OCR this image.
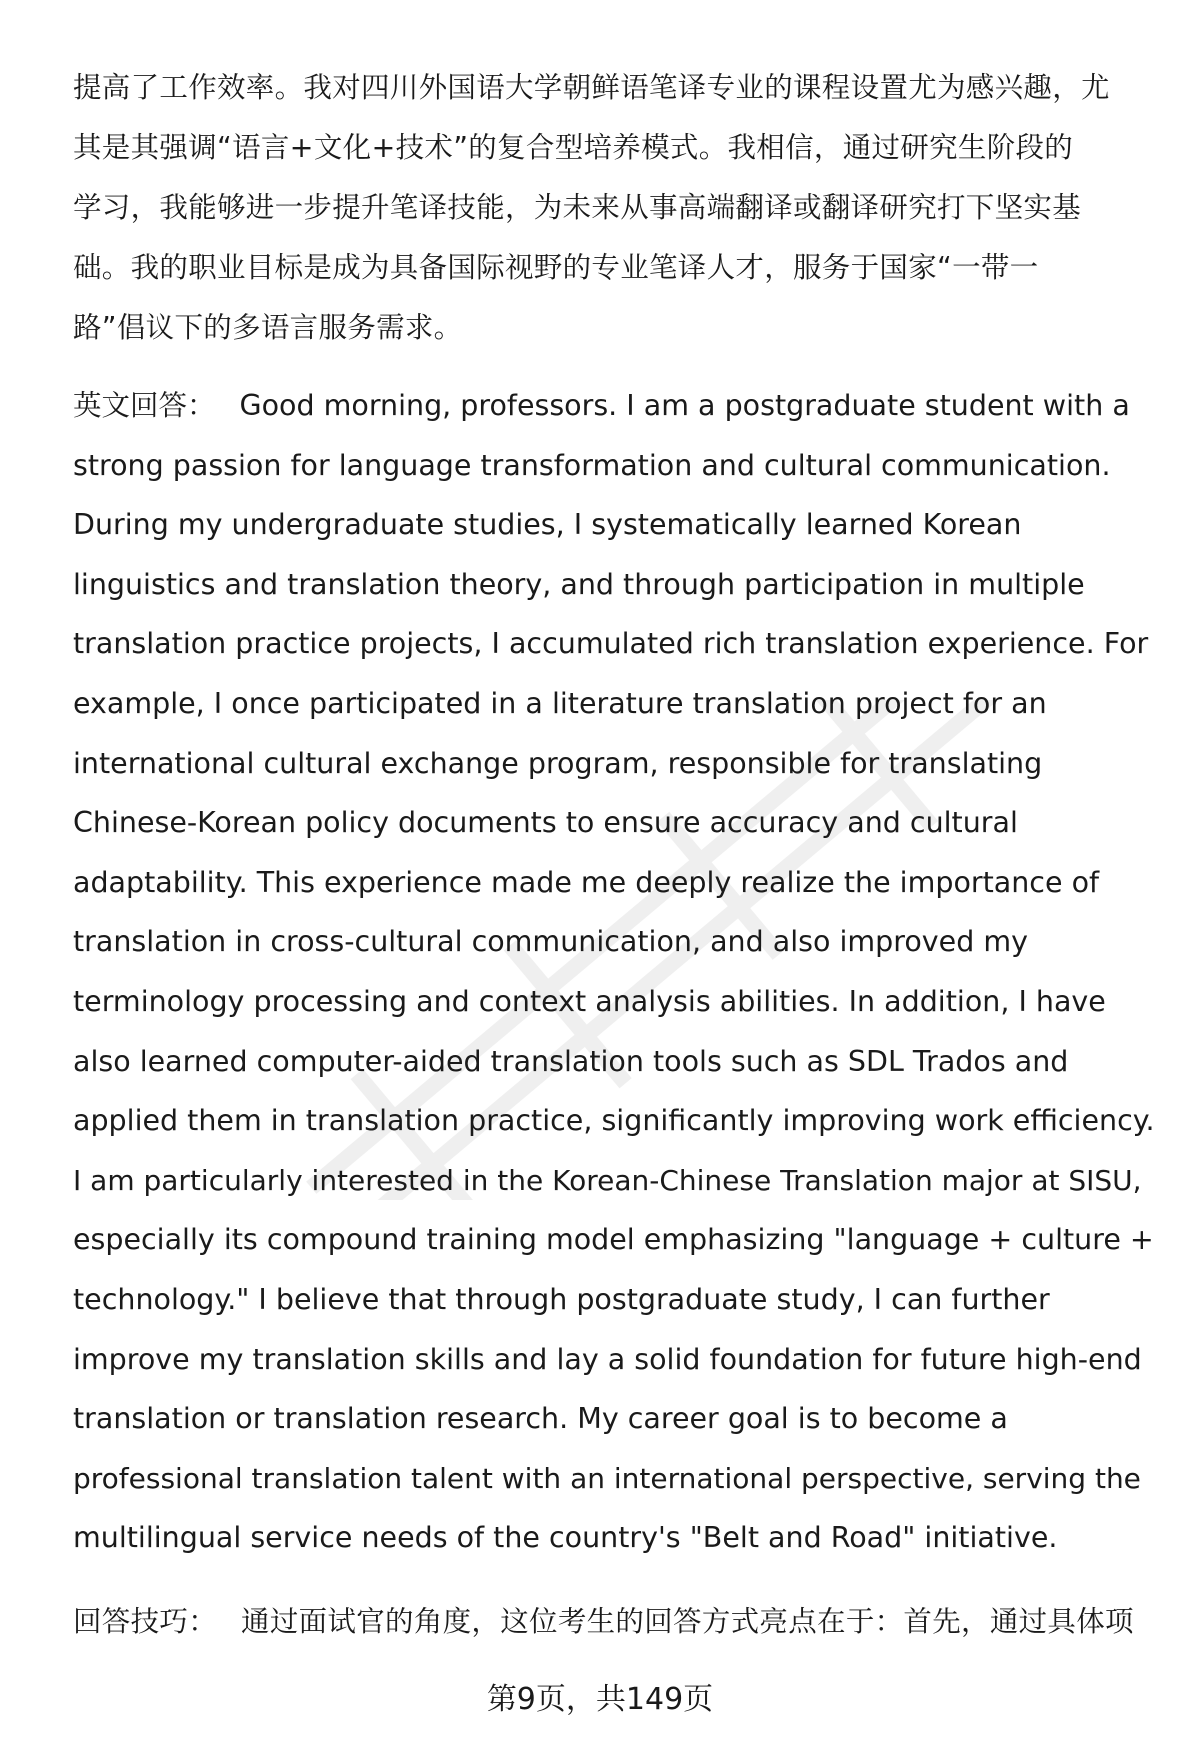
提高了工作效率。我对四川外国语大学朝鲜语笔译专业的课程设置尤为感兴趣，尤
其是其强调“语言+文化+技术”的复合型培养模式。我相信，通过研究生阶段的
学习，我能够进一步提升笔译技能，为未来从事高端翻译或翻译研究打下坚实基
础。我的职业目标是成为具备国际视野的专业笔译人才，服务于国家“一带一
路”倡议下的多语言服务需求。
英文回答： Good morning, professors. I am a postgraduate student with a
strong passion for language transformation and cultural communication.
During my undergraduate studies, I systematically learned Korean
linguistics and translation theory, and through participation in multiple
translation practice projects, I accumulated rich translation experience. For
example, I once participated in a literature translation project for an
international cultural exchange program, responsible for translating
Chinese-Korean policy documents to ensure accuracy and cultural
adaptability. This experience made me deeply realize the importance of
translation in cross-cultural communication, and also improved my
terminology processing and context analysis abilities. In addition, I have
also learned computer-aided translation tools such as SDL Trados and
applied them in translation practice, significantly improving work efficiency.
I am particularly interested in the Korean-Chinese Translation major at SISU,
especially its compound training model emphasizing "language + culture +
technology." I believe that through postgraduate study, I can further
improve my translation skills and lay a solid foundation for future high-end
translation or translation research. My career goal is to become a
professional translation talent with an international perspective, serving the
multilingual service needs of the country's "Belt and Road" initiative.
回答技巧： 通过面试官的角度，这位考生的回答方式亮点在于：首先，通过具体项
第9页，共149页
